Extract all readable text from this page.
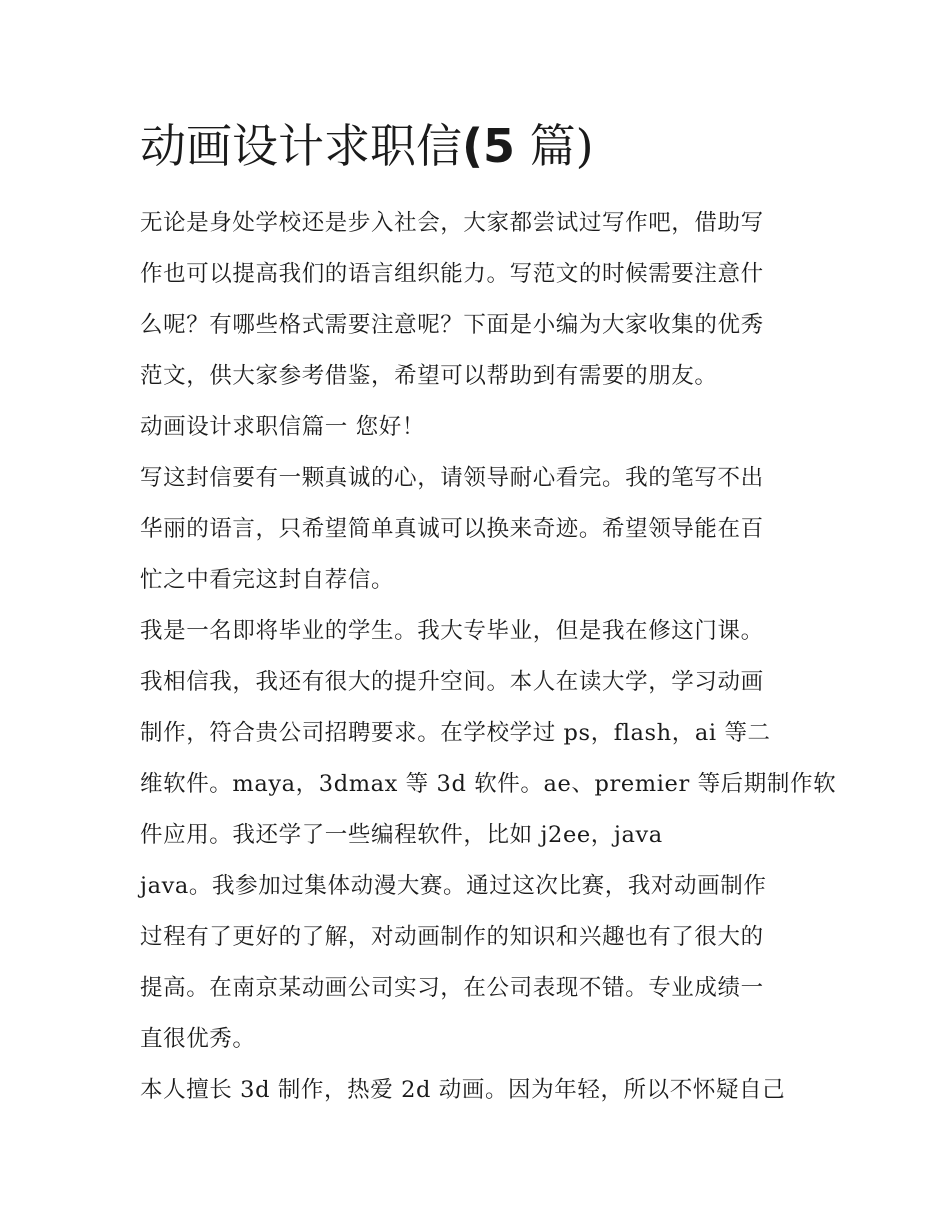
动画设计求职信(5 篇)
无论是身处学校还是步入社会，大家都尝试过写作吧，借助写
作也可以提高我们的语言组织能力。写范文的时候需要注意什
么呢？有哪些格式需要注意呢？下面是小编为大家收集的优秀
范文，供大家参考借鉴，希望可以帮助到有需要的朋友。
动画设计求职信篇一 您好！
写这封信要有一颗真诚的心，请领导耐心看完。我的笔写不出
华丽的语言，只希望简单真诚可以换来奇迹。希望领导能在百
忙之中看完这封自荐信。
我是一名即将毕业的学生。我大专毕业，但是我在修这门课。
我相信我，我还有很大的提升空间。本人在读大学，学习动画
制作，符合贵公司招聘要求。在学校学过 ps，flash，ai 等二
维软件。maya，3dmax 等 3d 软件。ae、premier 等后期制作软
件应用。我还学了一些编程软件，比如 j2ee，java
java。我参加过集体动漫大赛。通过这次比赛，我对动画制作
过程有了更好的了解，对动画制作的知识和兴趣也有了很大的
提高。在南京某动画公司实习，在公司表现不错。专业成绩一
直很优秀。
本人擅长 3d 制作，热爱 2d 动画。因为年轻，所以不怀疑自己
